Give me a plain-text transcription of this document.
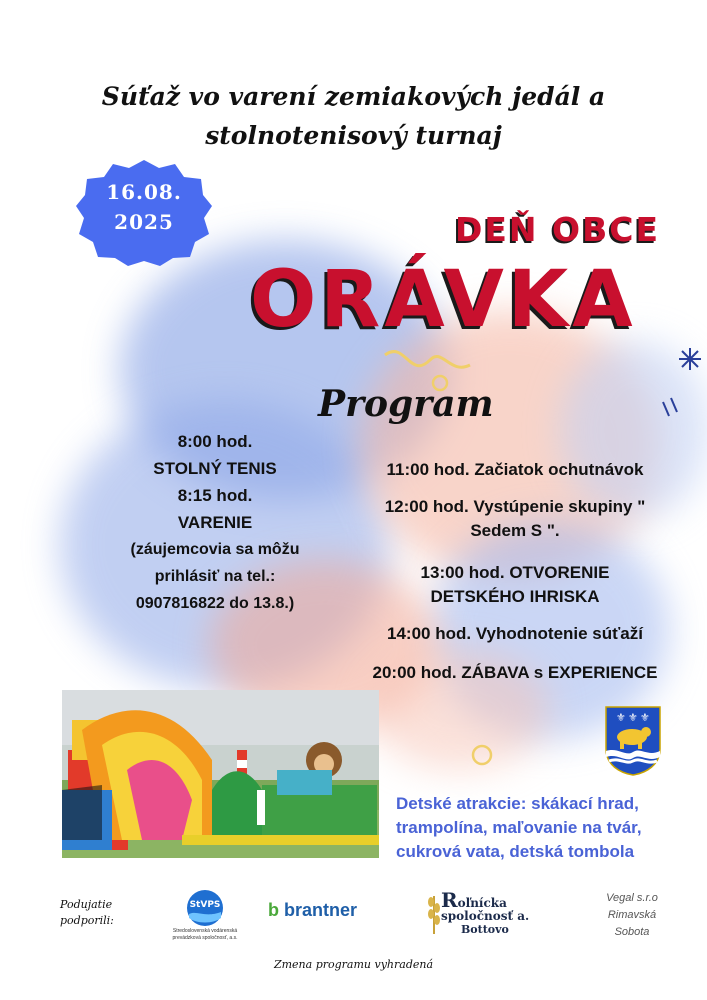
Súťaž vo varení zemiakových jedál a
stolnotenisový turnaj
16.08.
2025	DEŇ OBCE
ORÁVKA
Program
8:00 hod.
STOLNÝ TENIS
8:15 hod.
VARENIE
(záujemcovia sa môžu
prihlásiť na tel.:
0907816822 do 13.8.)
11:00 hod. Začiatok ochutnávok
12:00 hod. Vystúpenie skupiny "
Sedem S ".
13:00 hod. OTVORENIE
DETSKÉHO IHRISKA
14:00 hod. Vyhodnotenie súťaží
20:00 hod. ZÁBAVA s EXPERIENCE
⚜ ⚜ ⚜
Detské atrakcie: skákací hrad,
trampolína, maľovanie na tvár,
cukrová vata, detská tombola
Podujatie
podporili:
StVPS
Stredoslovenská vodárenská
prevádzková spoločnosť, a.s.
b brantner	Roľnícka
spoločnosť a.
Bottovo
Vegal s.r.o
Rimavská
Sobota
Zmena programu vyhradená
